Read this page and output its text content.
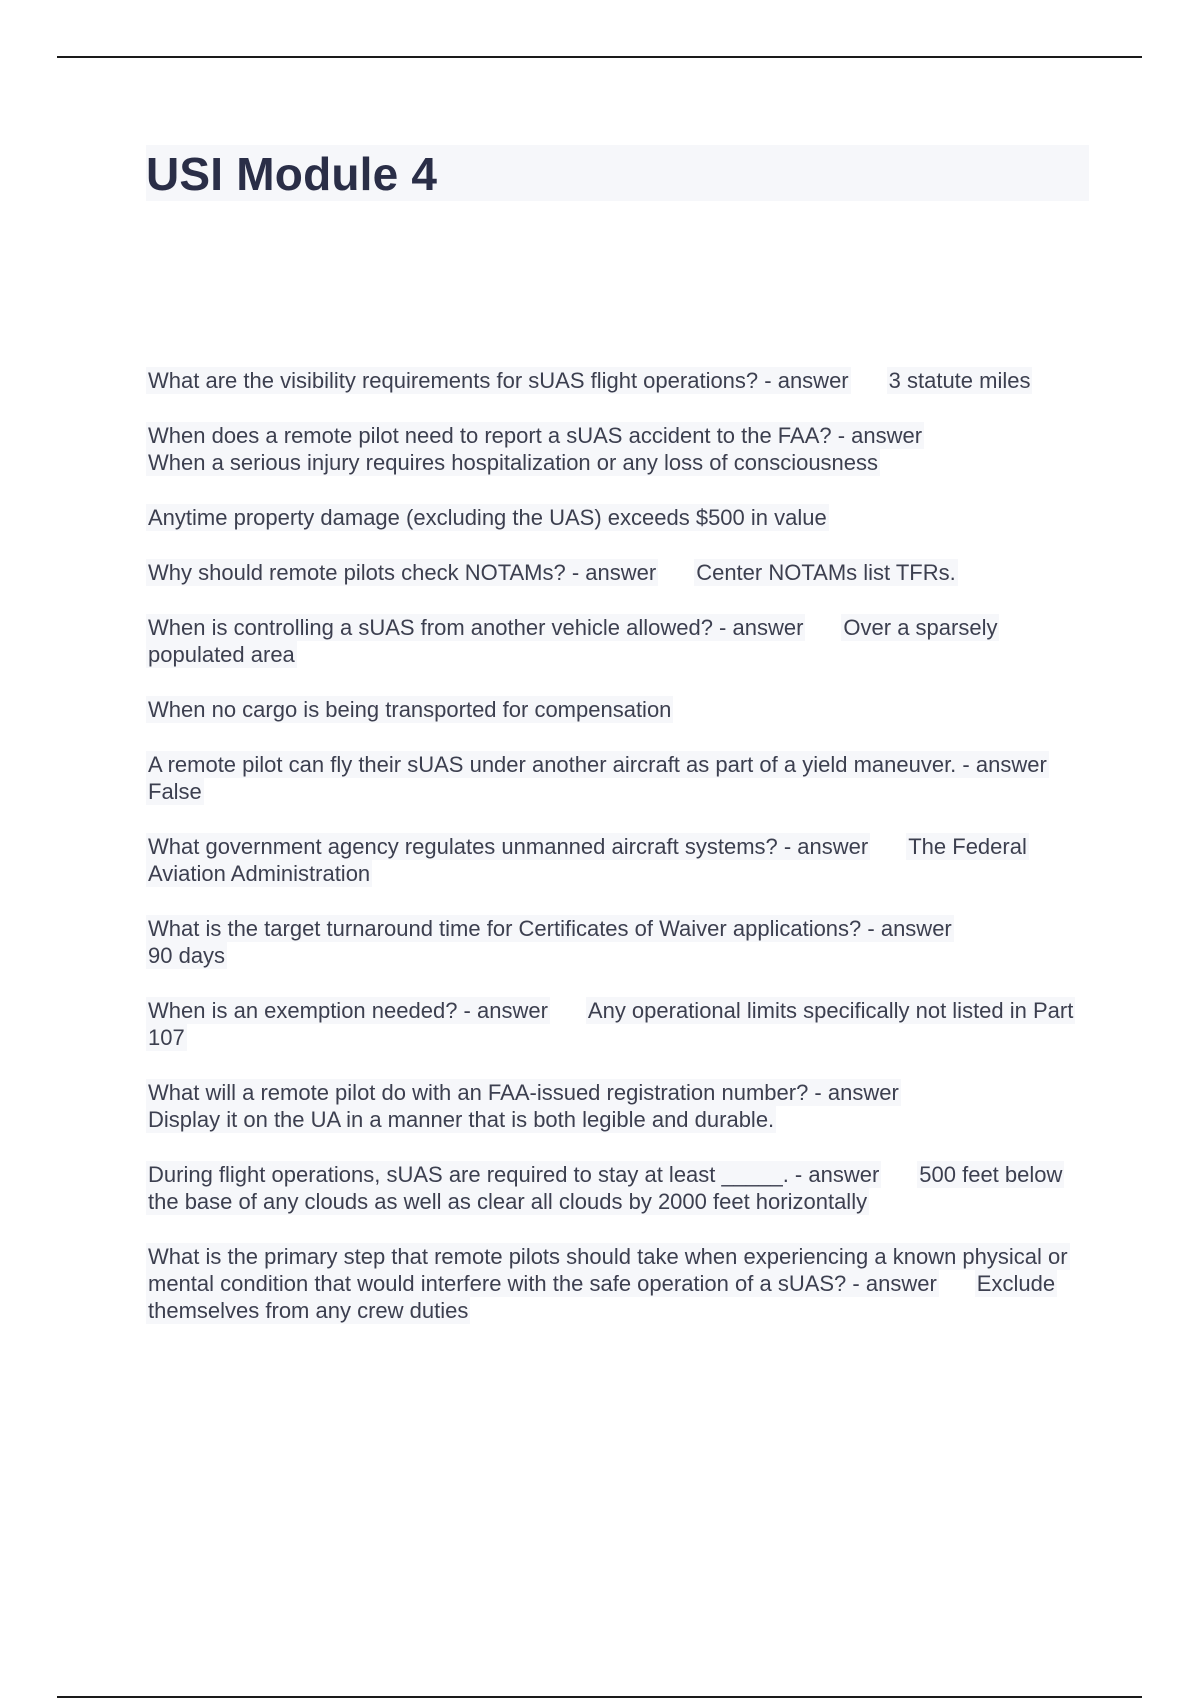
USI Module 4

What are the visibility requirements for sUAS flight operations? - answer 3 statute miles

When does a remote pilot need to report a sUAS accident to the FAA? - answer
When a serious injury requires hospitalization or any loss of consciousness

Anytime property damage (excluding the UAS) exceeds $500 in value

Why should remote pilots check NOTAMs? - answer Center NOTAMs list TFRs.

When is controlling a sUAS from another vehicle allowed? - answer Over a sparsely populated area

When no cargo is being transported for compensation

A remote pilot can fly their sUAS under another aircraft as part of a yield maneuver. - answerFalse

What government agency regulates unmanned aircraft systems? - answer The Federal Aviation Administration

What is the target turnaround time for Certificates of Waiver applications? - answer
90 days

When is an exemption needed? - answer Any operational limits specifically not listed in Part 107

What will a remote pilot do with an FAA-issued registration number? - answer
Display it on the UA in a manner that is both legible and durable.

During flight operations, sUAS are required to stay at least _____. - answer 500 feet below the base of any clouds as well as clear all clouds by 2000 feet horizontally

What is the primary step that remote pilots should take when experiencing a known physical or mental condition that would interfere with the safe operation of a sUAS? - answer Exclude themselves from any crew duties
